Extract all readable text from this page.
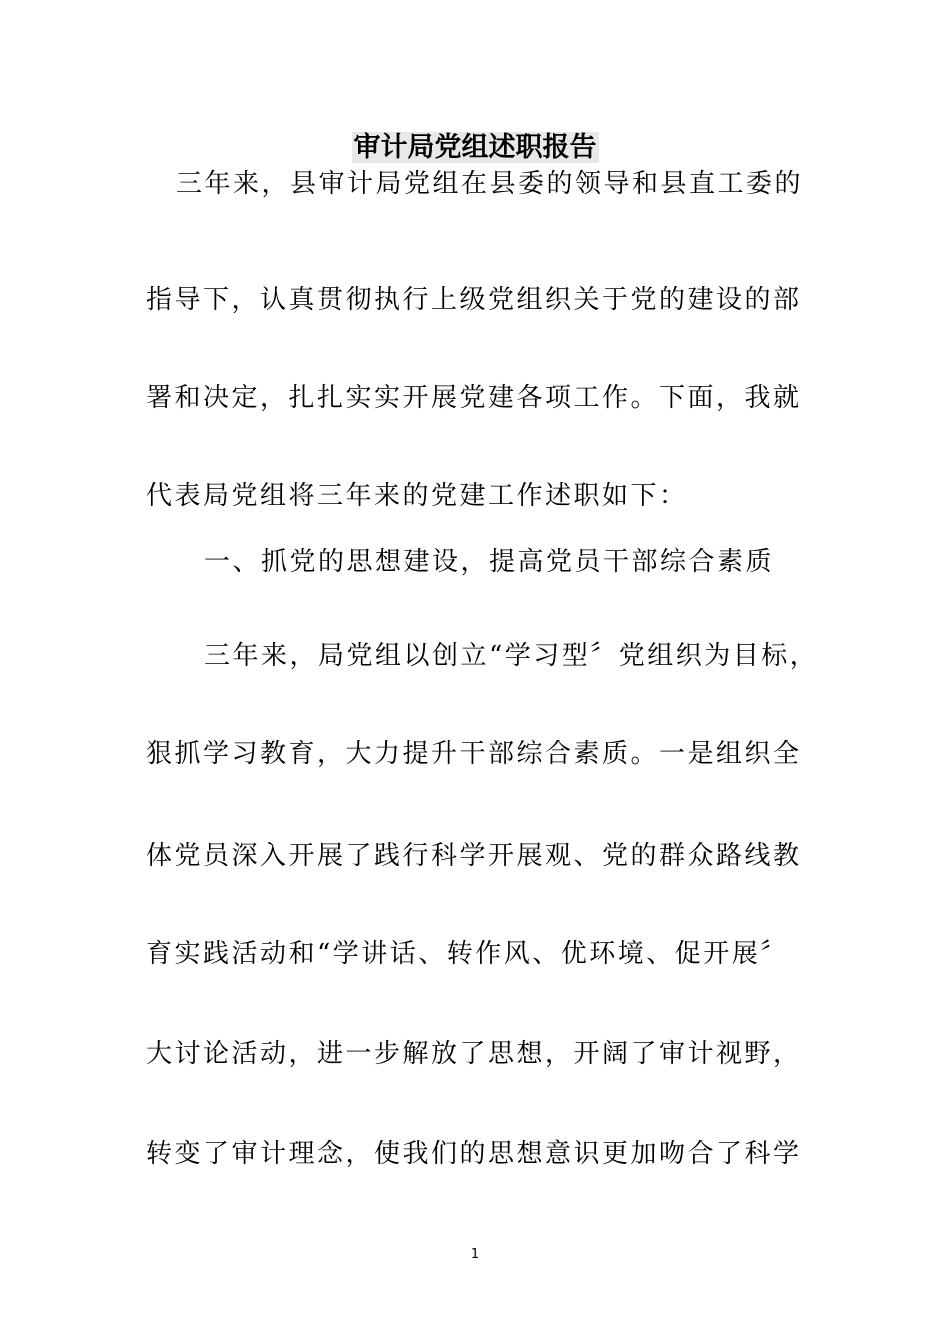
审计局党组述职报告
三年来，县审计局党组在县委的领导和县直工委的
指导下，认真贯彻执行上级党组织关于党的建设的部
署和决定，扎扎实实开展党建各项工作。下面，我就
代表局党组将三年来的党建工作述职如下：
一、抓党的思想建设，提高党员干部综合素质
三年来，局党组以创立“学习型〞党组织为目标，
狠抓学习教育，大力提升干部综合素质。一是组织全
体党员深入开展了践行科学开展观、党的群众路线教
育实践活动和“学讲话、转作风、优环境、促开展〞
大讨论活动，进一步解放了思想，开阔了审计视野，
转变了审计理念，使我们的思想意识更加吻合了科学
1
